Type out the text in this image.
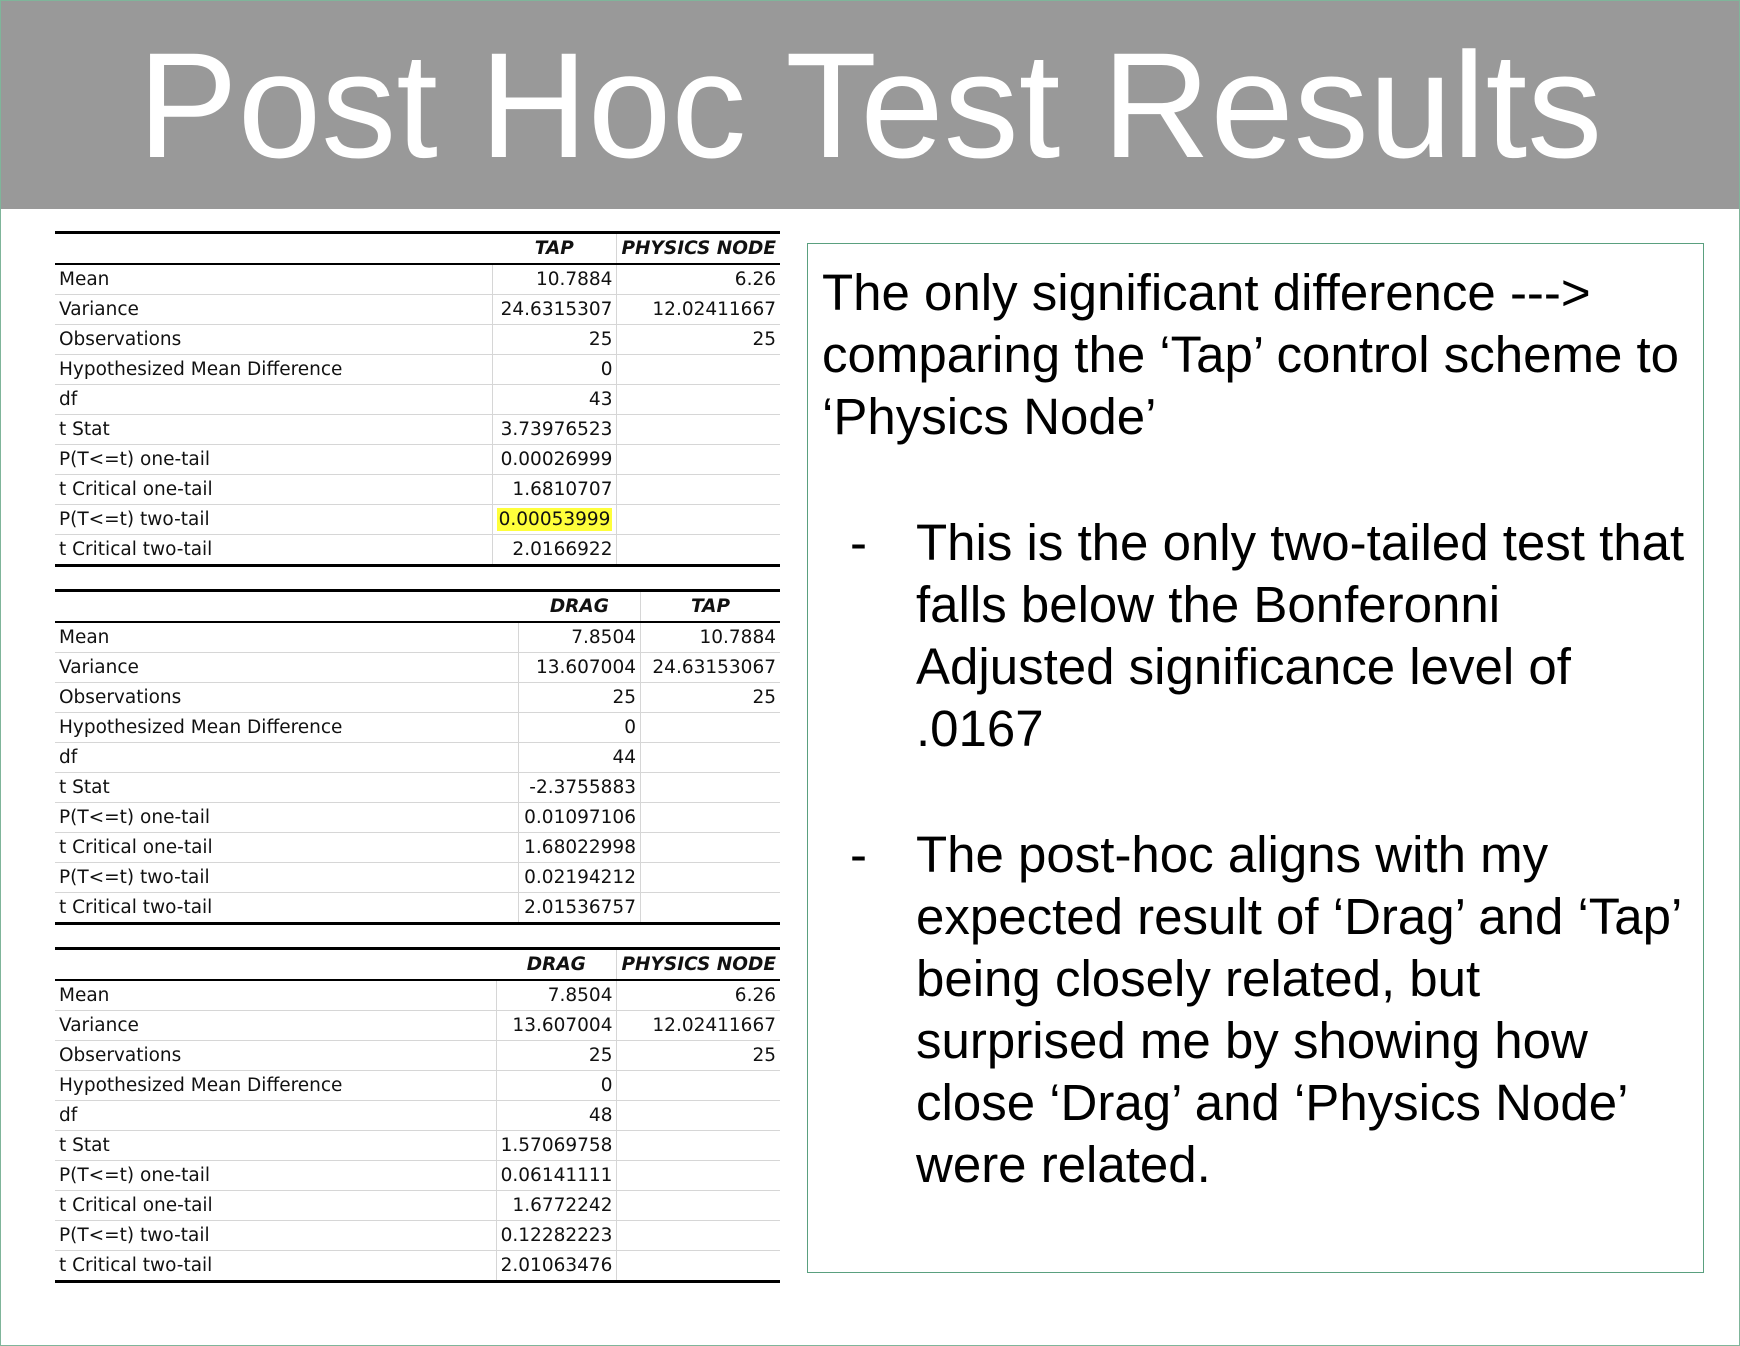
Post Hoc Test Results
	TAP	PHYSICS NODE
Mean	10.7884	6.26
Variance	24.6315307	12.02411667
Observations	25	25
Hypothesized Mean Difference	0	
df	43	
t Stat	3.73976523	
P(T<=t) one-tail	0.00026999	
t Critical one-tail	1.6810707	
P(T<=t) two-tail	0.00053999	
t Critical two-tail	2.0166922	
	DRAG	TAP
Mean	7.8504	10.7884
Variance	13.607004	24.63153067
Observations	25	25
Hypothesized Mean Difference	0	
df	44	
t Stat	-2.3755883	
P(T<=t) one-tail	0.01097106	
t Critical one-tail	1.68022998	
P(T<=t) two-tail	0.02194212	
t Critical two-tail	2.01536757	
	DRAG	PHYSICS NODE
Mean	7.8504	6.26
Variance	13.607004	12.02411667
Observations	25	25
Hypothesized Mean Difference	0	
df	48	
t Stat	1.57069758	
P(T<=t) one-tail	0.06141111	
t Critical one-tail	1.6772242	
P(T<=t) two-tail	0.12282223	
t Critical two-tail	2.01063476	
The only significant difference ---> comparing the ‘Tap’ control scheme to ‘Physics Node’
- This is the only two-tailed test that falls below the Bonferonni Adjusted significance level of .0167
- The post-hoc aligns with my expected result of ‘Drag’ and ‘Tap’ being closely related, but surprised me by showing how close ‘Drag’ and ‘Physics Node’ were related.
